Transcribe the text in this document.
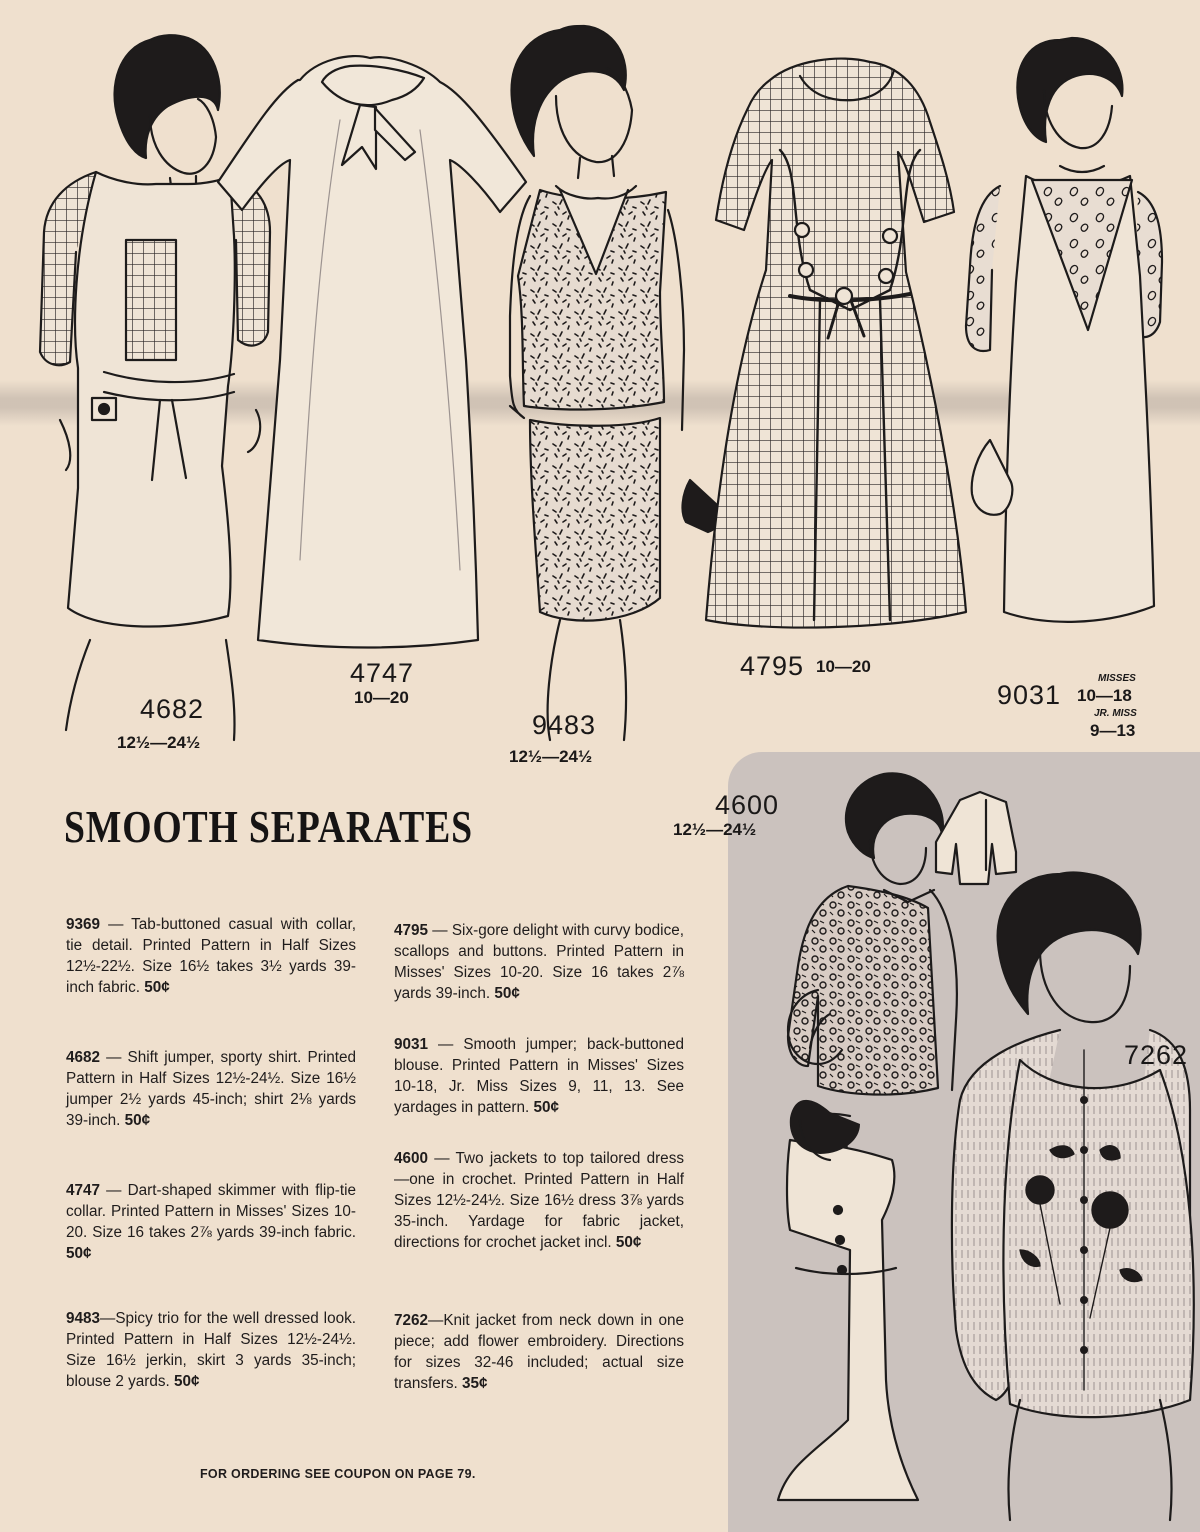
4682
12½—24½
4747
10—20
9483
12½—24½
4795 10—20
9031
MISSES
10—18
JR. MISS
9—13
4600
12½—24½
7262
SMOOTH SEPARATES
9369 — Tab-buttoned casual with collar, tie detail. Printed Pattern in Half Sizes 12½-22½. Size 16½ takes 3½ yards 39-inch fabric. 50¢
4682 — Shift jumper, sporty shirt. Printed Pattern in Half Sizes 12½-24½. Size 16½ jumper 2½ yards 45-inch; shirt 2⅛ yards 39-inch. 50¢
4747 — Dart-shaped skimmer with flip-tie collar. Printed Pattern in Misses' Sizes 10-20. Size 16 takes 2⅞ yards 39-inch fabric. 50¢
9483—Spicy trio for the well dressed look. Printed Pattern in Half Sizes 12½-24½. Size 16½ jerkin, skirt 3 yards 35-inch; blouse 2 yards. 50¢
4795 — Six-gore delight with curvy bodice, scallops and buttons. Printed Pattern in Misses' Sizes 10-20. Size 16 takes 2⅞ yards 39-inch. 50¢
9031 — Smooth jumper; back-buttoned blouse. Printed Pattern in Misses' Sizes 10-18, Jr. Miss Sizes 9, 11, 13. See yardages in pattern. 50¢
4600 — Two jackets to top tailored dress—one in crochet. Printed Pattern in Half Sizes 12½-24½. Size 16½ dress 3⅞ yards 35-inch. Yardage for fabric jacket, directions for crochet jacket incl. 50¢
7262—Knit jacket from neck down in one piece; add flower embroidery. Directions for sizes 32-46 included; actual size transfers. 35¢
FOR ORDERING SEE COUPON ON PAGE 79.
